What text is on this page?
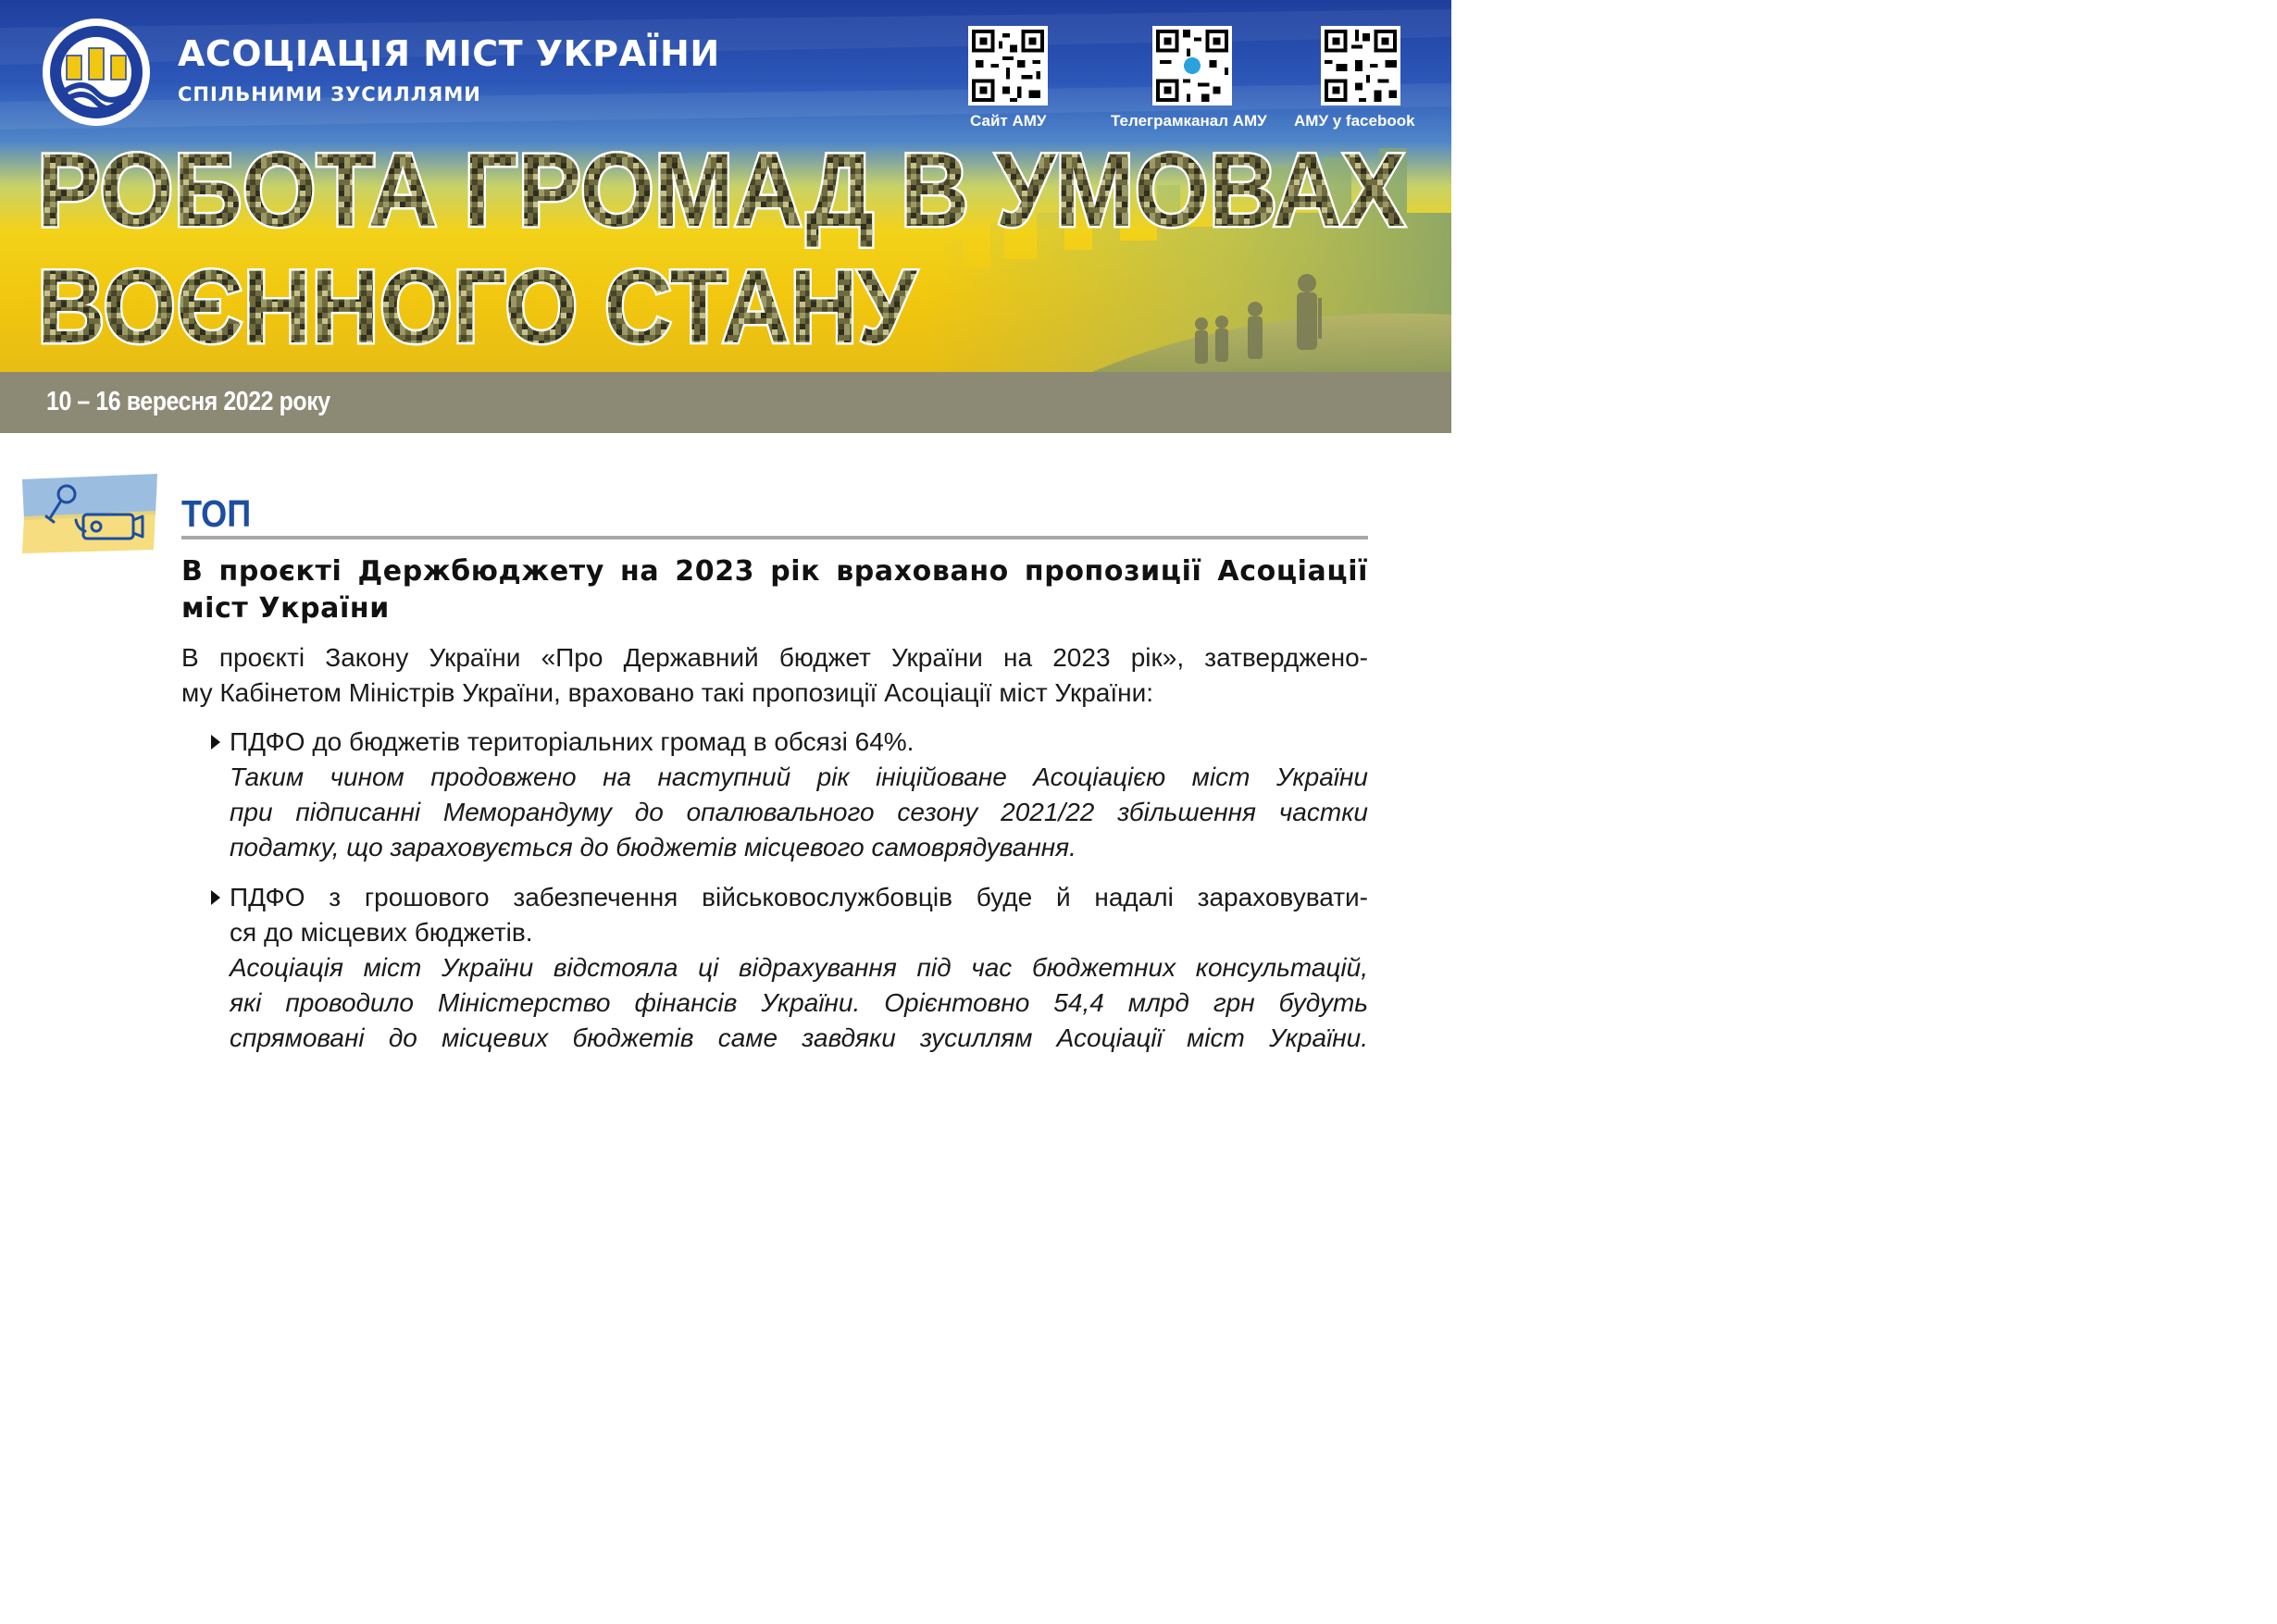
АСОЦІАЦІЯ МІСТ УКРАЇНИ
СПІЛЬНИМИ ЗУСИЛЛЯМИ
Сайт АМУ	Телеграмканал АМУ АМУ у facebook
РОБОТА ГРОМАД В УМОВАХ
ВОЄННОГО СТАНУ
10 – 16 вересня 2022 року
ТОП
В проєкті Держбюджету на 2023 рік враховано пропозиції Асоціації
міст України
В проєкті Закону України «Про Державний бюджет України на 2023 рік», затверджено-
му Кабінетом Міністрів України, враховано такі пропозиції Асоціації міст України:
ПДФО до бюджетів територіальних громад в обсязі 64%.
Таким чином продовжено на наступний рік ініційоване Асоціацією міст України
при підписанні Меморандуму до опалювального сезону 2021/22 збільшення частки
податку, що зараховується до бюджетів місцевого самоврядування.
ПДФО з грошового забезпечення військовослужбовців буде й надалі зараховувати-
ся до місцевих бюджетів.
Асоціація міст України відстояла ці відрахування під час бюджетних консультацій,
які проводило Міністерство фінансів України. Орієнтовно 54,4 млрд грн будуть
спрямовані до місцевих бюджетів саме завдяки зусиллям Асоціації міст України.
